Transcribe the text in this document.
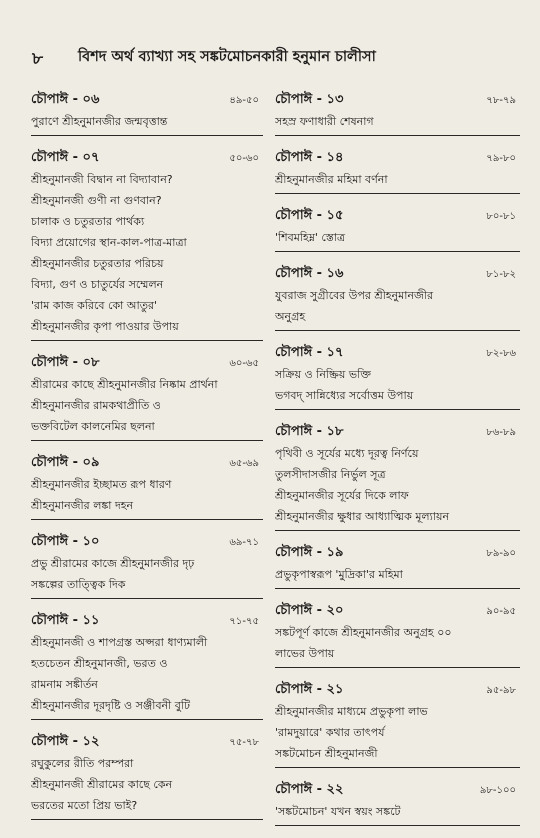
৮ বিশদ অর্থ ব্যাখ্যা সহ সঙ্কটমোচনকারী হনুমান চালীসা
চৌপাঈ - ০৬	৪৯-৫০
পুরাণে শ্রীহনুমানজীর জন্মবৃত্তান্ত
চৌপাঈ - ০৭	৫০-৬০
শ্রীহনুমানজী বিদ্বান না বিদ্যাবান?
শ্রীহনুমানজী গুণী না গুণবান?
চালাক ও চতুরতার পার্থক্য
বিদ্যা প্রয়োগের স্থান-কাল-পাত্র-মাত্রা
শ্রীহনুমানজীর চতুরতার পরিচয়
বিদ্যা, গুণ ও চাতুর্যের সম্মেলন
'রাম কাজ করিবে কো আতুর'
শ্রীহনুমানজীর কৃপা পাওয়ার উপায়
চৌপাঈ - ০৮	৬০-৬৫
শ্রীরামের কাছে শ্রীহনুমানজীর নিষ্কাম প্রার্থনা
শ্রীহনুমানজীর রামকথাপ্রীতি ও
ভক্তবিটেল কালনেমির ছলনা
চৌপাঈ - ০৯	৬৫-৬৯
শ্রীহনুমানজীর ইচ্ছামত রূপ ধারণ
শ্রীহনুমানজীর লঙ্কা দহন
চৌপাঈ - ১০	৬৯-৭১
প্রভু শ্রীরামের কাজে শ্রীহনুমানজীর দৃঢ়
সঙ্কল্পের তাত্ত্বিক দিক
চৌপাঈ - ১১	৭১-৭৫
শ্রীহনুমানজী ও শাপগ্রস্ত অপ্সরা ধাণ্যমালী
হতচেতন শ্রীহনুমানজী, ভরত ও
রামনাম সঙ্কীর্তন
শ্রীহনুমানজীর দূরদৃষ্টি ও সঞ্জীবনী বুটি
চৌপাঈ - ১২	৭৫-৭৮
রঘুকুলের রীতি পরম্পরা
শ্রীহনুমানজী শ্রীরামের কাছে কেন
ভরতের মতো প্রিয় ভাই?
চৌপাঈ - ১৩	৭৮-৭৯
সহস্র ফণাধারী শেষনাগ
চৌপাঈ - ১৪	৭৯-৮০
শ্রীহনুমানজীর মহিমা বর্ণনা
চৌপাঈ - ১৫	৮০-৮১
'শিবমহিম্ন' স্তোত্র
চৌপাঈ - ১৬	৮১-৮২
যুবরাজ সুগ্রীবের উপর শ্রীহনুমানজীর
অনুগ্রহ
চৌপাঈ - ১৭	৮২-৮৬
সক্রিয় ও নিষ্ক্রিয় ভক্তি
ভগবদ্ সান্নিধ্যের সর্বোত্তম উপায়
চৌপাঈ - ১৮	৮৬-৮৯
পৃথিবী ও সূর্যের মধ্যে দূরত্ব নির্ণয়ে
তুলসীদাসজীর নির্ভুল সূত্র
শ্রীহনুমানজীর সূর্যের দিকে লাফ
শ্রীহনুমানজীর ক্ষুধার আধ্যাত্মিক মূল্যায়ন
চৌপাঈ - ১৯	৮৯-৯০
প্রভুকৃপাস্বরূপ 'মুদ্রিকা'র মহিমা
চৌপাঈ - ২০	৯০-৯৫
সঙ্কটপূর্ণ কাজে শ্রীহনুমানজীর অনুগ্রহ ০০
লাভের উপায়
চৌপাঈ - ২১	৯৫-৯৮
শ্রীহনুমানজীর মাধ্যমে প্রভুকৃপা লাভ
'রামদুয়ারে' কথার তাৎপর্য
সঙ্কটমোচন শ্রীহনুমানজী
চৌপাঈ - ২২	৯৮-১০০
'সঙ্কটমোচন' যখন স্বয়ং সঙ্কটে
